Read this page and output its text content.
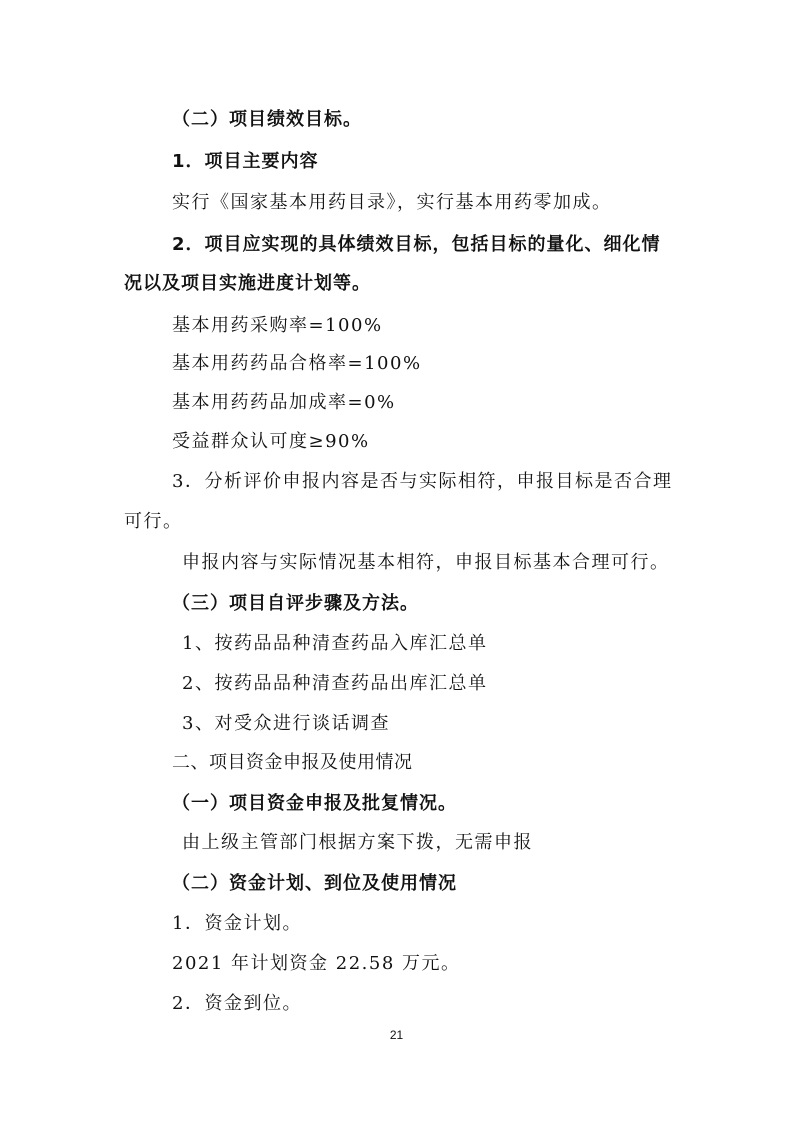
（二）项目绩效目标。
1．项目主要内容
实行《国家基本用药目录》，实行基本用药零加成。
2．项目应实现的具体绩效目标，包括目标的量化、细化情
况以及项目实施进度计划等。
基本用药采购率=100%
基本用药药品合格率=100%
基本用药药品加成率=0%
受益群众认可度≥90%
3．分析评价申报内容是否与实际相符，申报目标是否合理
可行。
申报内容与实际情况基本相符，申报目标基本合理可行。
（三）项目自评步骤及方法。
1、按药品品种清查药品入库汇总单
2、按药品品种清查药品出库汇总单
3、对受众进行谈话调查
二、项目资金申报及使用情况
（一）项目资金申报及批复情况。
由上级主管部门根据方案下拨，无需申报
（二）资金计划、到位及使用情况
1．资金计划。
2021 年计划资金 22.58 万元。
2．资金到位。
21
